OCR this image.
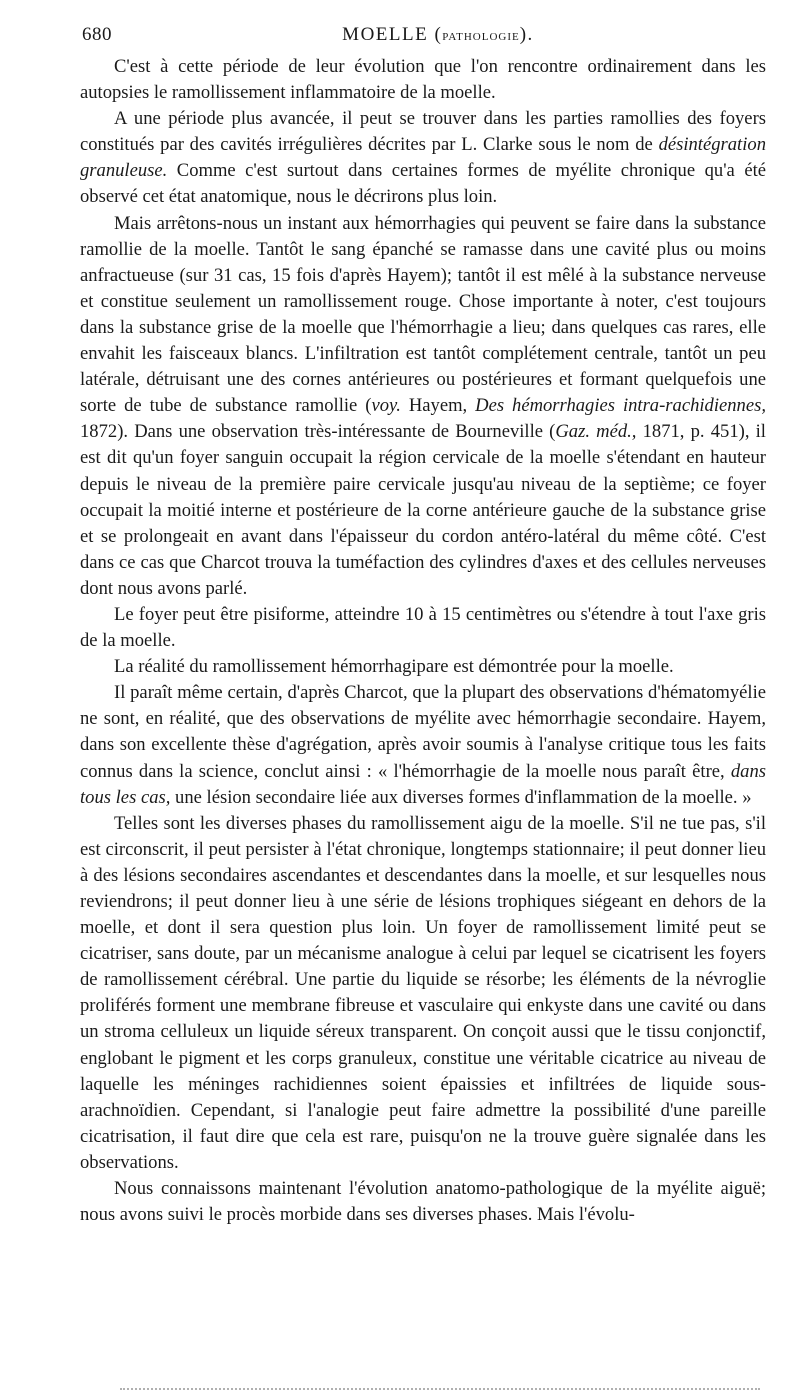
680	MOELLE (pathologie).

C'est à cette période de leur évolution que l'on rencontre ordinairement dans les autopsies le ramollissement inflammatoire de la moelle.

A une période plus avancée, il peut se trouver dans les parties ramollies des foyers constitués par des cavités irrégulières décrites par L. Clarke sous le nom de désintégration granuleuse. Comme c'est surtout dans certaines formes de myélite chronique qu'a été observé cet état anatomique, nous le décrirons plus loin.

Mais arrêtons-nous un instant aux hémorrhagies qui peuvent se faire dans la substance ramollie de la moelle. Tantôt le sang épanché se ramasse dans une cavité plus ou moins anfractueuse (sur 31 cas, 15 fois d'après Hayem); tantôt il est mêlé à la substance nerveuse et constitue seulement un ramollissement rouge. Chose importante à noter, c'est toujours dans la substance grise de la moelle que l'hémorrhagie a lieu; dans quelques cas rares, elle envahit les faisceaux blancs. L'infiltration est tantôt complétement centrale, tantôt un peu latérale, détruisant une des cornes antérieures ou postérieures et formant quelquefois une sorte de tube de substance ramollie (voy. Hayem, Des hémorrhagies intra-rachidiennes, 1872). Dans une observation très-intéressante de Bourneville (Gaz. méd., 1871, p. 451), il est dit qu'un foyer sanguin occupait la région cervicale de la moelle s'étendant en hauteur depuis le niveau de la première paire cervicale jusqu'au niveau de la septième; ce foyer occupait la moitié interne et postérieure de la corne antérieure gauche de la substance grise et se prolongeait en avant dans l'épaisseur du cordon antéro-latéral du même côté. C'est dans ce cas que Charcot trouva la tuméfaction des cylindres d'axes et des cellules nerveuses dont nous avons parlé.

Le foyer peut être pisiforme, atteindre 10 à 15 centimètres ou s'étendre à tout l'axe gris de la moelle.

La réalité du ramollissement hémorrhagipare est démontrée pour la moelle.

Il paraît même certain, d'après Charcot, que la plupart des observations d'hématomyélie ne sont, en réalité, que des observations de myélite avec hémorrhagie secondaire. Hayem, dans son excellente thèse d'agrégation, après avoir soumis à l'analyse critique tous les faits connus dans la science, conclut ainsi : « l'hémorrhagie de la moelle nous paraît être, dans tous les cas, une lésion secondaire liée aux diverses formes d'inflammation de la moelle. »

Telles sont les diverses phases du ramollissement aigu de la moelle. S'il ne tue pas, s'il est circonscrit, il peut persister à l'état chronique, longtemps stationnaire; il peut donner lieu à des lésions secondaires ascendantes et descendantes dans la moelle, et sur lesquelles nous reviendrons; il peut donner lieu à une série de lésions trophiques siégeant en dehors de la moelle, et dont il sera question plus loin. Un foyer de ramollissement limité peut se cicatriser, sans doute, par un mécanisme analogue à celui par lequel se cicatrisent les foyers de ramollissement cérébral. Une partie du liquide se résorbe; les éléments de la névroglie proliférés forment une membrane fibreuse et vasculaire qui enkyste dans une cavité ou dans un stroma celluleux un liquide séreux transparent. On conçoit aussi que le tissu conjonctif, englobant le pigment et les corps granuleux, constitue une véritable cicatrice au niveau de laquelle les méninges rachidiennes soient épaissies et infiltrées de liquide sous-arachnoïdien. Cependant, si l'analogie peut faire admettre la possibilité d'une pareille cicatrisation, il faut dire que cela est rare, puisqu'on ne la trouve guère signalée dans les observations.

Nous connaissons maintenant l'évolution anatomo-pathologique de la myélite aiguë; nous avons suivi le procès morbide dans ses diverses phases. Mais l'évolu-
